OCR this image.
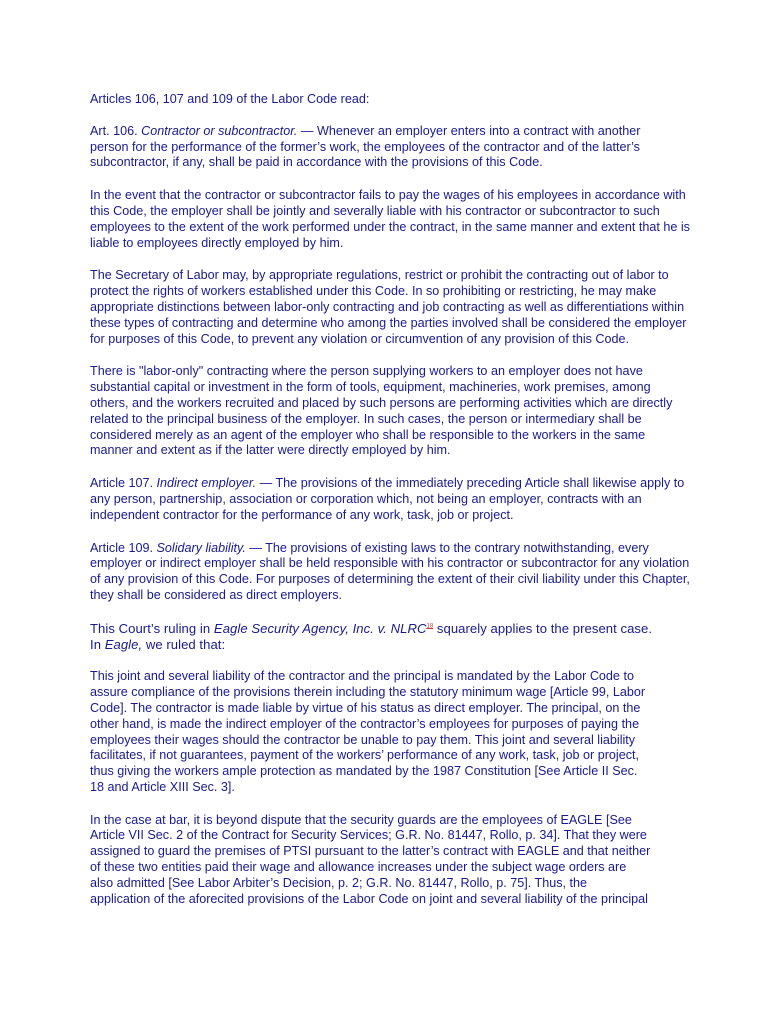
Articles 106, 107 and 109 of the Labor Code read:

Art. 106. Contractor or subcontractor. — Whenever an employer enters into a contract with another
person for the performance of the former’s work, the employees of the contractor and of the latter’s
subcontractor, if any, shall be paid in accordance with the provisions of this Code.

In the event that the contractor or subcontractor fails to pay the wages of his employees in accordance with this Code, the employer shall be jointly and severally liable with his contractor or subcontractor to such employees to the extent of the work performed under the contract, in the same manner and extent that he is liable to employees directly employed by him.

The Secretary of Labor may, by appropriate regulations, restrict or prohibit the contracting out of labor to protect the rights of workers established under this Code. In so prohibiting or restricting, he may make appropriate distinctions between labor-only contracting and job contracting as well as differentiations within these types of contracting and determine who among the parties involved shall be considered the employer for purposes of this Code, to prevent any violation or circumvention of any provision of this Code.

There is "labor-only" contracting where the person supplying workers to an employer does not have substantial capital or investment in the form of tools, equipment, machineries, work premises, among others, and the workers recruited and placed by such persons are performing activities which are directly related to the principal business of the employer. In such cases, the person or intermediary shall be considered merely as an agent of the employer who shall be responsible to the workers in the same manner and extent as if the latter were directly employed by him.

Article 107. Indirect employer. — The provisions of the immediately preceding Article shall likewise apply to any person, partnership, association or corporation which, not being an employer, contracts with an independent contractor for the performance of any work, task, job or project.

Article 109. Solidary liability. — The provisions of existing laws to the contrary notwithstanding, every employer or indirect employer shall be held responsible with his contractor or subcontractor for any violation of any provision of this Code. For purposes of determining the extent of their civil liability under this Chapter, they shall be considered as direct employers.

This Court’s ruling in Eagle Security Agency, Inc. v. NLRC$^{18}$ squarely applies to the present case.
In Eagle, we ruled that:

This joint and several liability of the contractor and the principal is mandated by the Labor Code to
assure compliance of the provisions therein including the statutory minimum wage [Article 99, Labor
Code]. The contractor is made liable by virtue of his status as direct employer. The principal, on the
other hand, is made the indirect employer of the contractor’s employees for purposes of paying the
employees their wages should the contractor be unable to pay them. This joint and several liability
facilitates, if not guarantees, payment of the workers’ performance of any work, task, job or project,
thus giving the workers ample protection as mandated by the 1987 Constitution [See Article II Sec.
18 and Article XIII Sec. 3].

In the case at bar, it is beyond dispute that the security guards are the employees of EAGLE [See
Article VII Sec. 2 of the Contract for Security Services; G.R. No. 81447, Rollo, p. 34]. That they were
assigned to guard the premises of PTSI pursuant to the latter’s contract with EAGLE and that neither
of these two entities paid their wage and allowance increases under the subject wage orders are
also admitted [See Labor Arbiter’s Decision, p. 2; G.R. No. 81447, Rollo, p. 75]. Thus, the
application of the aforecited provisions of the Labor Code on joint and several liability of the principal
